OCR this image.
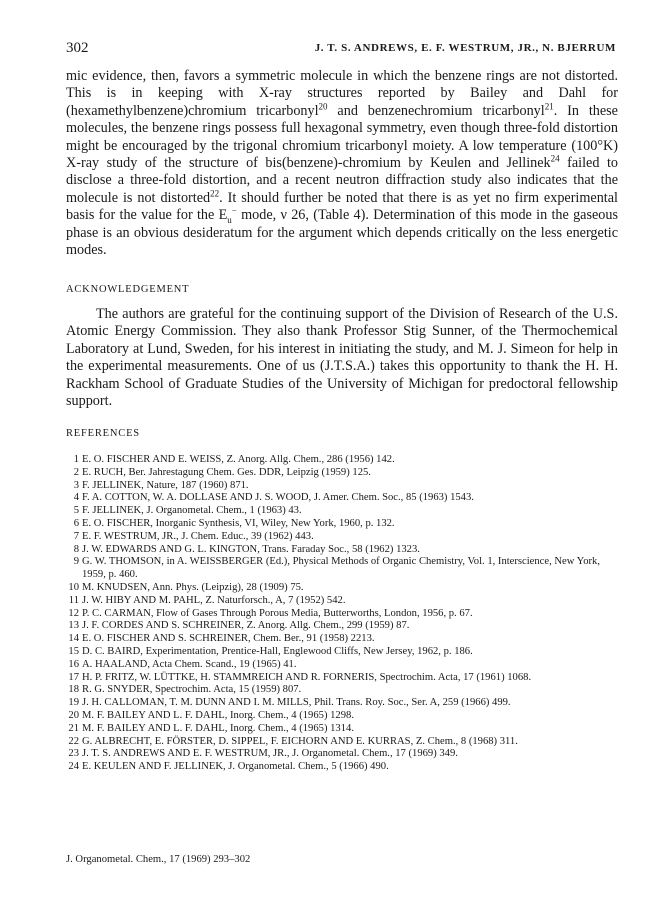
302	J. T. S. ANDREWS, E. F. WESTRUM, JR., N. BJERRUM
mic evidence, then, favors a symmetric molecule in which the benzene rings are not distorted. This is in keeping with X-ray structures reported by Bailey and Dahl for (hexamethylbenzene)chromium tricarbonyl$^{20}$ and benzenechromium tricarbonyl$^{21}$. In these molecules, the benzene rings possess full hexagonal symmetry, even though three-fold distortion might be encouraged by the trigonal chromium tricarbonyl moiety. A low temperature (100°K) X-ray study of the structure of bis(benzene)-chromium by Keulen and Jellinek$^{24}$ failed to disclose a three-fold distortion, and a recent neutron diffraction study also indicates that the molecule is not distorted$^{22}$. It should further be noted that there is as yet no firm experimental basis for the value for the $E_u^-$ mode, ν 26, (Table 4). Determination of this mode in the gaseous phase is an obvious desideratum for the argument which depends critically on the less energetic modes.
ACKNOWLEDGEMENT
The authors are grateful for the continuing support of the Division of Research of the U.S. Atomic Energy Commission. They also thank Professor Stig Sunner, of the Thermochemical Laboratory at Lund, Sweden, for his interest in initiating the study, and M. J. Simeon for help in the experimental measurements. One of us (J.T.S.A.) takes this opportunity to thank the H. H. Rackham School of Graduate Studies of the University of Michigan for predoctoral fellowship support.
REFERENCES
1 E. O. FISCHER AND E. WEISS, Z. Anorg. Allg. Chem., 286 (1956) 142.
2 E. RUCH, Ber. Jahrestagung Chem. Ges. DDR, Leipzig (1959) 125.
3 F. JELLINEK, Nature, 187 (1960) 871.
4 F. A. COTTON, W. A. DOLLASE AND J. S. WOOD, J. Amer. Chem. Soc., 85 (1963) 1543.
5 F. JELLINEK, J. Organometal. Chem., 1 (1963) 43.
6 E. O. FISCHER, Inorganic Synthesis, VI, Wiley, New York, 1960, p. 132.
7 E. F. WESTRUM, JR., J. Chem. Educ., 39 (1962) 443.
8 J. W. EDWARDS AND G. L. KINGTON, Trans. Faraday Soc., 58 (1962) 1323.
9 G. W. THOMSON, in A. WEISSBERGER (Ed.), Physical Methods of Organic Chemistry, Vol. 1, Interscience, New York, 1959, p. 460.
10 M. KNUDSEN, Ann. Phys. (Leipzig), 28 (1909) 75.
11 J. W. HIBY AND M. PAHL, Z. Naturforsch., A, 7 (1952) 542.
12 P. C. CARMAN, Flow of Gases Through Porous Media, Butterworths, London, 1956, p. 67.
13 J. F. CORDES AND S. SCHREINER, Z. Anorg. Allg. Chem., 299 (1959) 87.
14 E. O. FISCHER AND S. SCHREINER, Chem. Ber., 91 (1958) 2213.
15 D. C. BAIRD, Experimentation, Prentice-Hall, Englewood Cliffs, New Jersey, 1962, p. 186.
16 A. HAALAND, Acta Chem. Scand., 19 (1965) 41.
17 H. P. FRITZ, W. LÜTTKE, H. STAMMREICH AND R. FORNERIS, Spectrochim. Acta, 17 (1961) 1068.
18 R. G. SNYDER, Spectrochim. Acta, 15 (1959) 807.
19 J. H. CALLOMAN, T. M. DUNN AND I. M. MILLS, Phil. Trans. Roy. Soc., Ser. A, 259 (1966) 499.
20 M. F. BAILEY AND L. F. DAHL, Inorg. Chem., 4 (1965) 1298.
21 M. F. BAILEY AND L. F. DAHL, Inorg. Chem., 4 (1965) 1314.
22 G. ALBRECHT, E. FÖRSTER, D. SIPPEL, F. EICHORN AND E. KURRAS, Z. Chem., 8 (1968) 311.
23 J. T. S. ANDREWS AND E. F. WESTRUM, JR., J. Organometal. Chem., 17 (1969) 349.
24 E. KEULEN AND F. JELLINEK, J. Organometal. Chem., 5 (1966) 490.
J. Organometal. Chem., 17 (1969) 293–302
